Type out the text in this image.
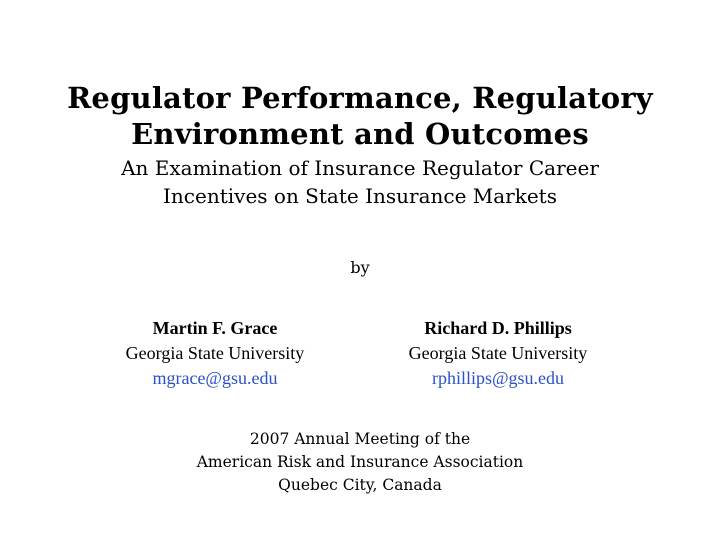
Regulator Performance, Regulatory
Environment and Outcomes
An Examination of Insurance Regulator Career
Incentives on State Insurance Markets
by
Martin F. Grace
Georgia State University
mgrace@gsu.edu
Richard D. Phillips
Georgia State University
rphillips@gsu.edu
2007 Annual Meeting of the
American Risk and Insurance Association
Quebec City, Canada
